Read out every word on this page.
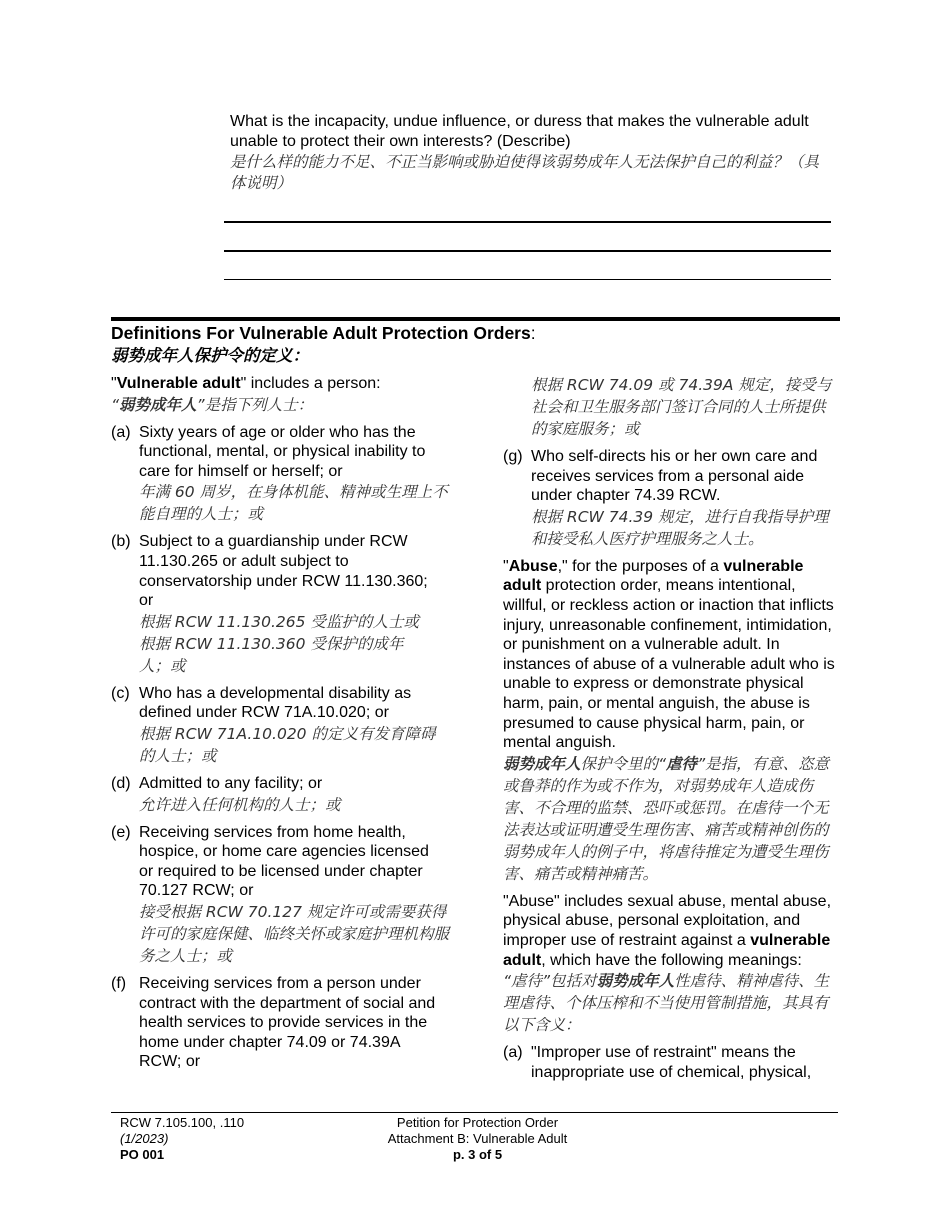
What is the incapacity, undue influence, or duress that makes the vulnerable adult unable to protect their own interests? (Describe)
是什么样的能力不足、不正当影响或胁迫使得该弱势成年人无法保护自己的利益？（具体说明）
Definitions For Vulnerable Adult Protection Orders:
弱势成年人保护令的定义：
"Vulnerable adult" includes a person:
“弱势成年人”是指下列人士：
(a) Sixty years of age or older who has the functional, mental, or physical inability to care for himself or herself; or
年满 60 周岁，在身体机能、精神或生理上不能自理的人士；或
(b) Subject to a guardianship under RCW 11.130.265 or adult subject to conservatorship under RCW 11.130.360; or
根据 RCW 11.130.265 受监护的人士或根据 RCW 11.130.360 受保护的成年人；或
(c) Who has a developmental disability as defined under RCW 71A.10.020; or
根据 RCW 71A.10.020 的定义有发育障碍的人士；或
(d) Admitted to any facility; or
允许进入任何机构的人士；或
(e) Receiving services from home health, hospice, or home care agencies licensed or required to be licensed under chapter 70.127 RCW; or
接受根据 RCW 70.127 规定许可或需要获得许可的家庭保健、临终关怀或家庭护理机构服务之人士；或
(f) Receiving services from a person under contract with the department of social and health services to provide services in the home under chapter 74.09 or 74.39A RCW; or
根据 RCW 74.09 或 74.39A 规定，接受与社会和卫生服务部门签订合同的人士所提供的家庭服务；或
(g) Who self-directs his or her own care and receives services from a personal aide under chapter 74.39 RCW.
根据 RCW 74.39 规定，进行自我指导护理和接受私人医疗护理服务之人士。
"Abuse," for the purposes of a vulnerable adult protection order, means intentional, willful, or reckless action or inaction that inflicts injury, unreasonable confinement, intimidation, or punishment on a vulnerable adult. In instances of abuse of a vulnerable adult who is unable to express or demonstrate physical harm, pain, or mental anguish, the abuse is presumed to cause physical harm, pain, or mental anguish.
弱势成年人保护令里的“虐待”是指，有意、恣意或鲁莽的作为或不作为，对弱势成年人造成伤害、不合理的监禁、恐吓或惩罚。在虐待一个无法表达或证明遭受生理伤害、痛苦或精神创伤的弱势成年人的例子中，将虐待推定为遭受生理伤害、痛苦或精神痛苦。
"Abuse" includes sexual abuse, mental abuse, physical abuse, personal exploitation, and improper use of restraint against a vulnerable adult, which have the following meanings:
“虐待”包括对弱势成年人性虐待、精神虐待、生理虐待、个体压榨和不当使用管制措施，其具有以下含义：
(a) "Improper use of restraint" means the inappropriate use of chemical, physical,
RCW 7.105.100, .110
(1/2023)
PO 001
Petition for Protection Order
Attachment B: Vulnerable Adult
p. 3 of 5
